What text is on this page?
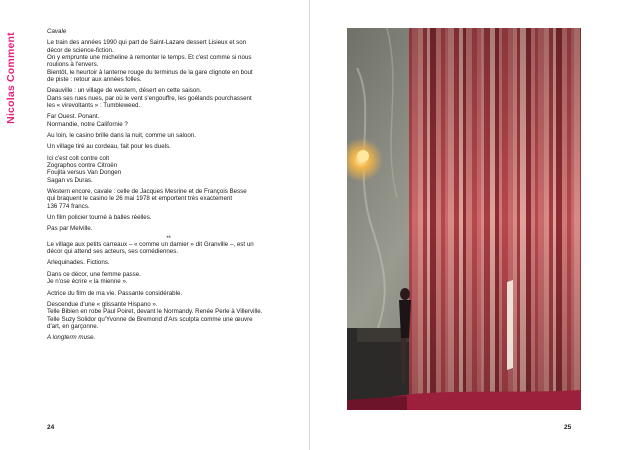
Nicolas Comment

Cavale

Le train des années 1990 qui part de Saint-Lazare dessert Lisieux et son
décor de science-fiction.
On y emprunte une micheline à remonter le temps. Et c'est comme si nous
roulions à l'envers.
Bientôt, le heurtoir à lanterne rouge du terminus de la gare clignote en bout
de piste : retour aux années folles.

Deauville : un village de western, désert en cette saison.
Dans ses rues nues, par où le vent s'engouffre, les goélands pourchassent
les « virevoltants » : Tumbleweed.

Far Ouest. Ponant.
Normandie, notre Californie ?

Au loin, le casino brille dans la nuit, comme un saloon.

Un village tiré au cordeau, fait pour les duels.

Ici c'est colt contre colt
Zographos contre Citroën
Foujita versus Van Dongen
Sagan vs Duras.

Western encore, cavale : celle de Jacques Mesrine et de François Besse
qui braquent le casino le 26 mai 1978 et emportent très exactement
136 774 francs.

Un film policier tourné à balles réelles.

Pas par Melville.

**

Le village aux petits carreaux – « comme un damier » dit Granville –, est un
décor qui attend ses acteurs, ses comédiennes.

Arlequinades. Fictions.

Dans ce décor, une femme passe.
Je n'ose écrire « la mienne ».

Actrice du film de ma vie. Passante considérable.

Descendue d'une « glissante Hispano ».
Telle Bibien en robe Paul Poiret, devant le Normandy. Renée Perle à Villerville.
Telle Suzy Solidor qu'Yvonne de Bremond d'Ars sculpta comme une œuvre
d'art, en garçonne.

A longterm muse.

24	25
